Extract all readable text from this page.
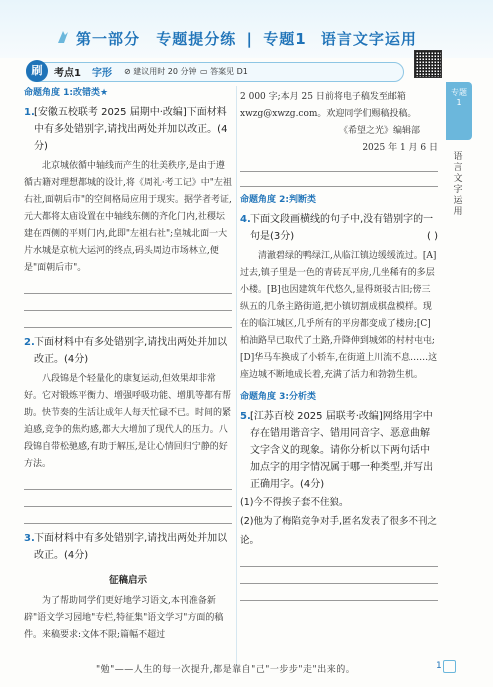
第一部分 专题提分练 | 专题1 语言文字运用
刷	考点1 字形 ⊘ 建议用时 20 分钟 ▭ 答案见 D1
专题1
语言文字运用
命题角度 1:改错类★
1. [安徽五校联考 2025 届期中·改编]下面材料中有多处错别字,请找出两处并加以改正。(4分)
北京城依循中轴线而产生的壮美秩序,是由于遵循古籍对理想都城的设计,将《周礼·考工记》中"左祖右社,面朝后市"的空间格局应用于现实。据学者考证,元大都将太庙设置在中轴线东侧的齐化门内,社稷坛建在西侧的平则门内,此即"左祖右社";皇城北面一大片水城是京杭大运河的终点,码头周边市场林立,便是"面朝后市"。
2. 下面材料中有多处错别字,请找出两处并加以改正。(4分)
八段锦是个轻量化的康复运动,但效果却非常好。它对锻炼平衡力、增强呼吸功能、增肌等都有帮助。快节奏的生活让成年人每天忙碌不已。时间的紧迫感,竞争的焦灼感,都大大增加了现代人的压力。八段锦自带松驰感,有助于解压,是让心情回归宁静的好方法。
3. 下面材料中有多处错别字,请找出两处并加以改正。(4分)
征稿启示
为了帮助同学们更好地学习语文,本刊准备新辟"语文学习园地"专栏,特征集"语文学习"方面的稿件。来稿要求:文体不限;篇幅不超过
2 000 字;本月 25 日前将电子稿发至邮箱 xwzg@xwzg.com。欢迎同学们赐稿投稿。
《希望之光》编辑部
2025 年 1 月 6 日
命题角度 2:判断类
4. 下面文段画横线的句子中,没有错别字的一句是(3分)	( )
清澈碧绿的鸭绿江,从临江镇边缓缓流过。[A]过去,镇子里是一色的青砖瓦平房,几坐稀有的多层小楼。[B]也因建筑年代悠久,显得斑驳古旧;傍三纵五的几条主路街道,把小镇切割成棋盘模样。现在的临江城区,几乎所有的平房都变成了楼房;[C]柏油路早已取代了土路,升降伸到城郊的村村屯屯;[D]华马车换成了小轿车,在街道上川流不息……这座边城不断地成长着,充满了活力和勃勃生机。
命题角度 3:分析类
5. [江苏百校 2025 届联考·改编]网络用字中存在错用谐音字、错用同音字、恶意曲解文字含义的现象。请你分析以下两句话中加点字的用字情况属于哪一种类型,并写出正确用字。(4分)
(1)今不得挨子套不住狼。
(2)他为了梅陷竞争对手,匿名发表了很多不刊之论。
"勉"——人生的每一次提升,都是靠自"己"一步步"走"出来的。	1
